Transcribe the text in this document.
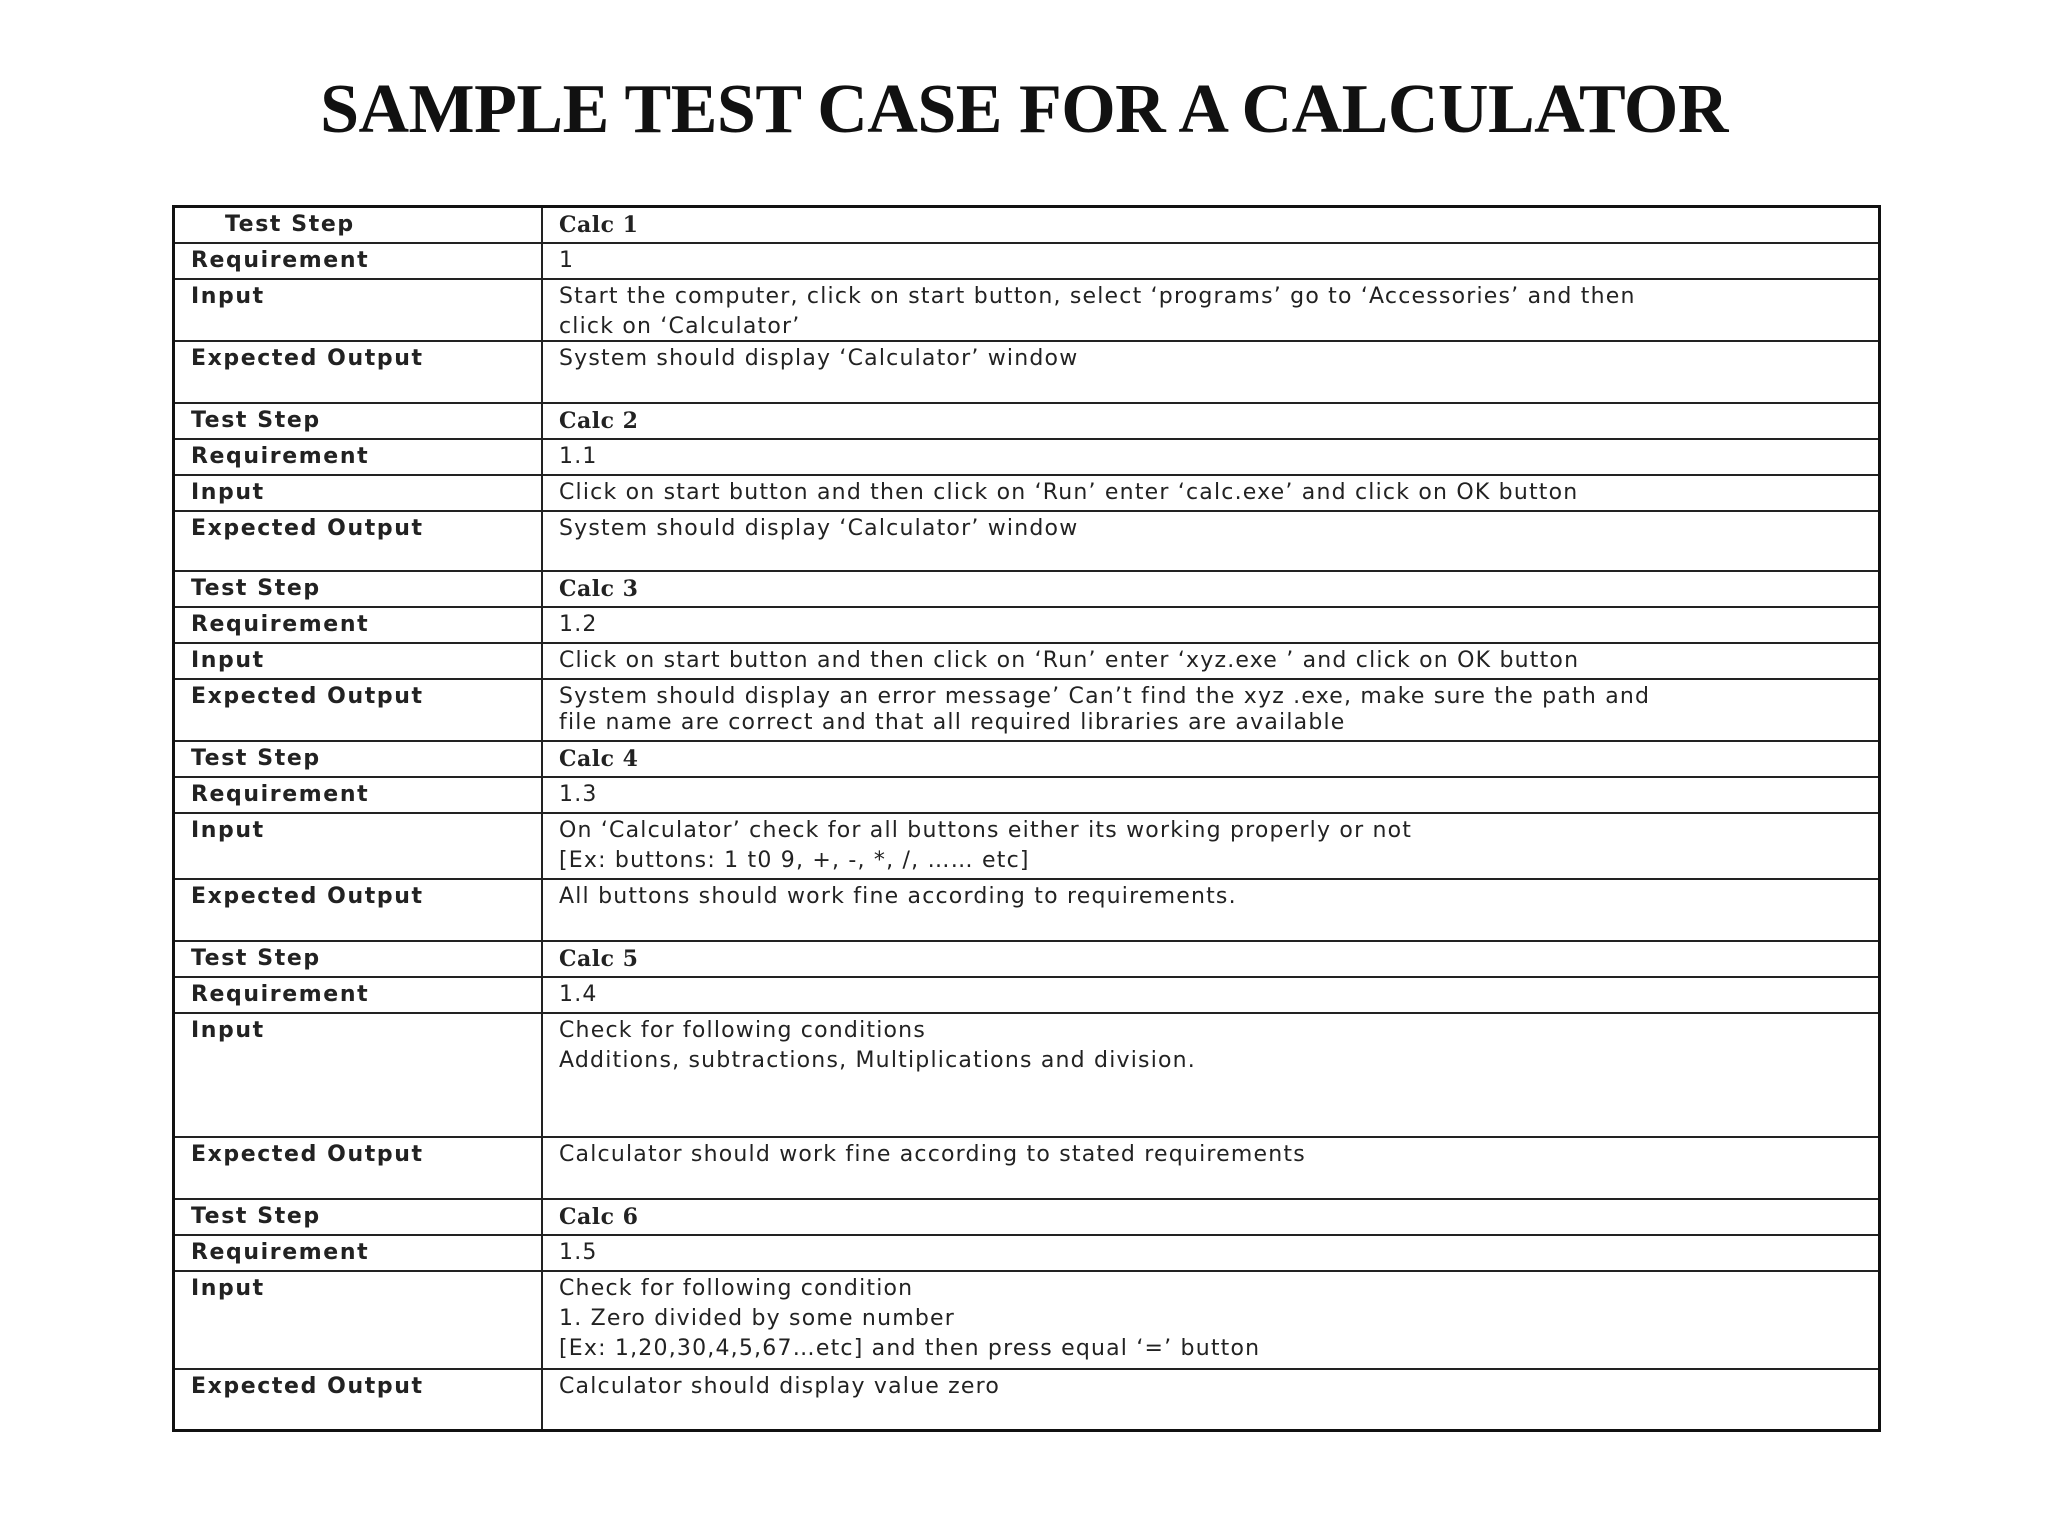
SAMPLE TEST CASE FOR A CALCULATOR
Test Step	Calc 1
Requirement	1
Input	Start the computer, click on start button, select ‘programs’ go to ‘Accessories’ and then
click on ‘Calculator’

Expected Output	System should display ‘Calculator’ window

Test Step	Calc 2
Requirement	1.1
Input	Click on start button and then click on ‘Run’ enter ‘calc.exe’ and click on OK button

Expected Output	System should display ‘Calculator’ window

Test Step	Calc 3
Requirement	1.2
Input	Click on start button and then click on ‘Run’ enter ‘xyz.exe ’ and click on OK button

Expected Output	System should display an error message’ Can’t find the xyz .exe, make sure the path and
file name are correct and that all required libraries are available

Test Step	Calc 4
Requirement	1.3
Input	On ‘Calculator’ check for all buttons either its working properly or not
[Ex: buttons: 1 t0 9, +, -, *, /, …… etc]

Expected Output	All buttons should work fine according to requirements.

Test Step	Calc 5
Requirement	1.4
Input	Check for following conditions
Additions, subtractions, Multiplications and division.

Expected Output	Calculator should work fine according to stated requirements

Test Step	Calc 6
Requirement	1.5
Input	Check for following condition
1. Zero divided by some number
[Ex: 1,20,30,4,5,67…etc] and then press equal ‘=’ button

Expected Output	Calculator should display value zero
